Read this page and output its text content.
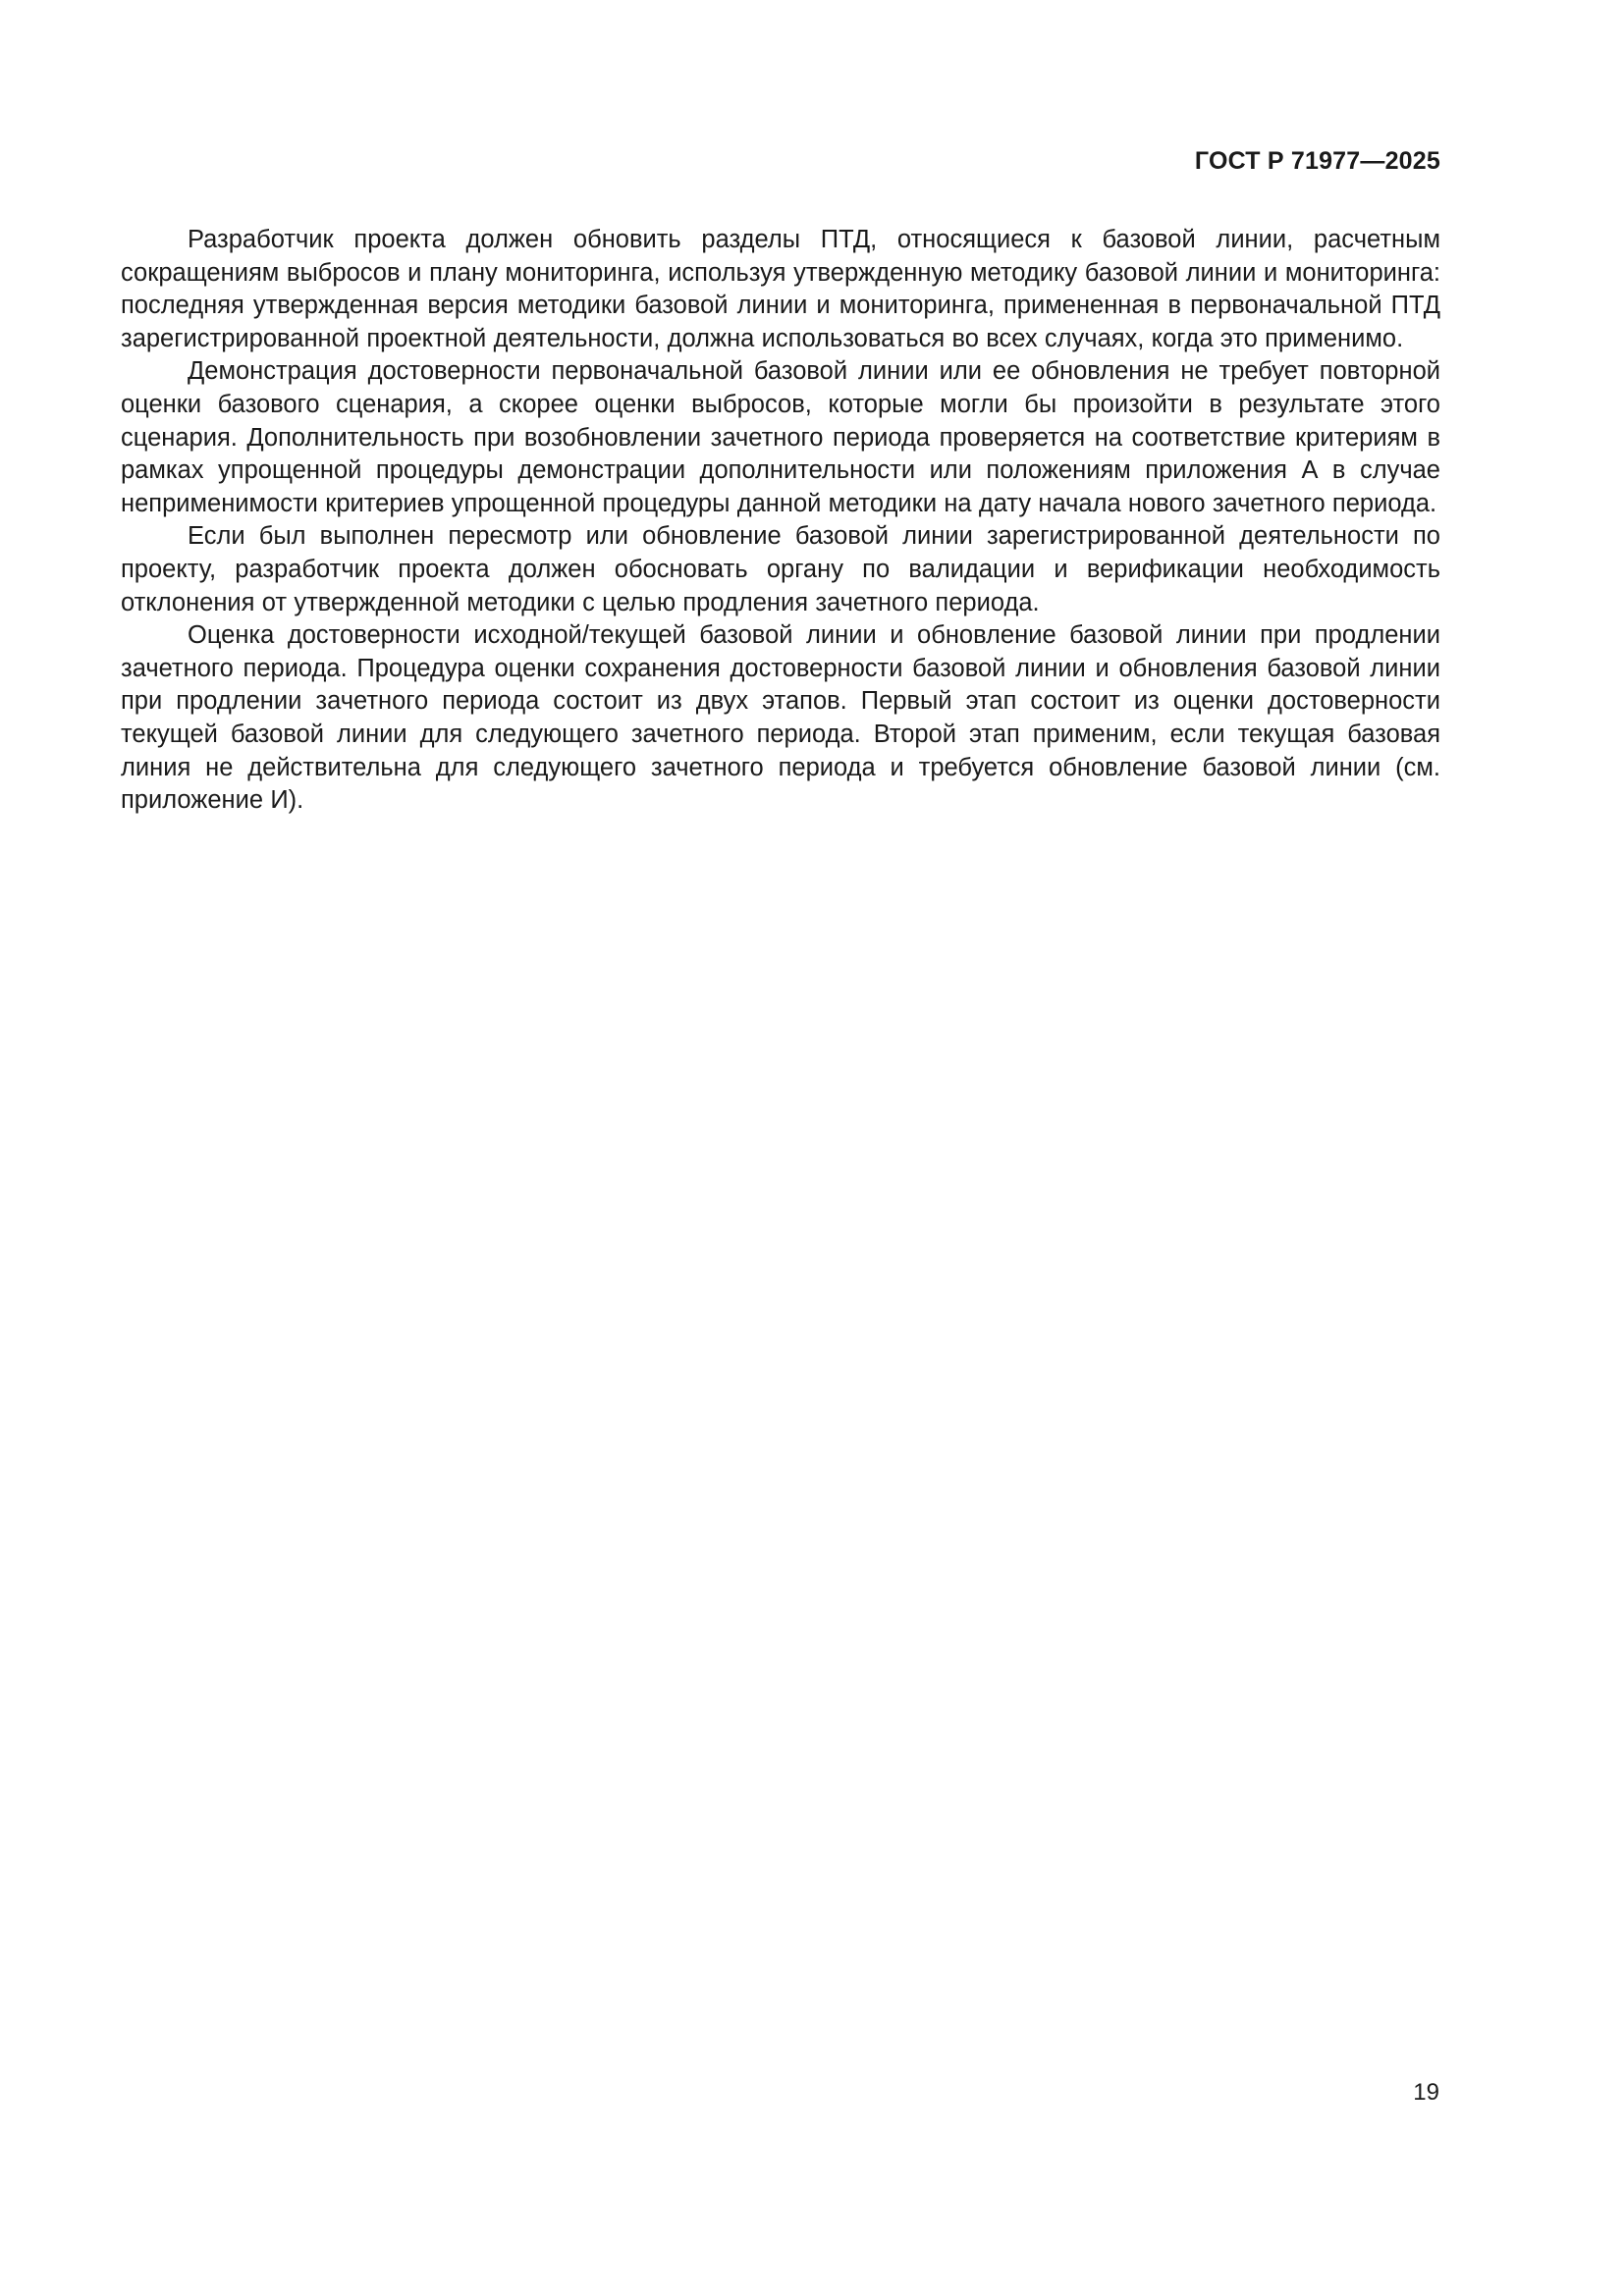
ГОСТ Р 71977—2025

Разработчик проекта должен обновить разделы ПТД, относящиеся к базовой линии, расчетным сокращениям выбросов и плану мониторинга, используя утвержденную методику базовой линии и мониторинга: последняя утвержденная версия методики базовой линии и мониторинга, примененная в первоначальной ПТД зарегистрированной проектной деятельности, должна использоваться во всех случаях, когда это применимо.

Демонстрация достоверности первоначальной базовой линии или ее обновления не требует повторной оценки базового сценария, а скорее оценки выбросов, которые могли бы произойти в результате этого сценария. Дополнительность при возобновлении зачетного периода проверяется на соответствие критериям в рамках упрощенной процедуры демонстрации дополнительности или положениям приложения А в случае неприменимости критериев упрощенной процедуры данной методики на дату начала нового зачетного периода.

Если был выполнен пересмотр или обновление базовой линии зарегистрированной деятельности по проекту, разработчик проекта должен обосновать органу по валидации и верификации необходимость отклонения от утвержденной методики с целью продления зачетного периода.

Оценка достоверности исходной/текущей базовой линии и обновление базовой линии при продлении зачетного периода. Процедура оценки сохранения достоверности базовой линии и обновления базовой линии при продлении зачетного периода состоит из двух этапов. Первый этап состоит из оценки достоверности текущей базовой линии для следующего зачетного периода. Второй этап применим, если текущая базовая линия не действительна для следующего зачетного периода и требуется обновление базовой линии (см. приложение И).

19
